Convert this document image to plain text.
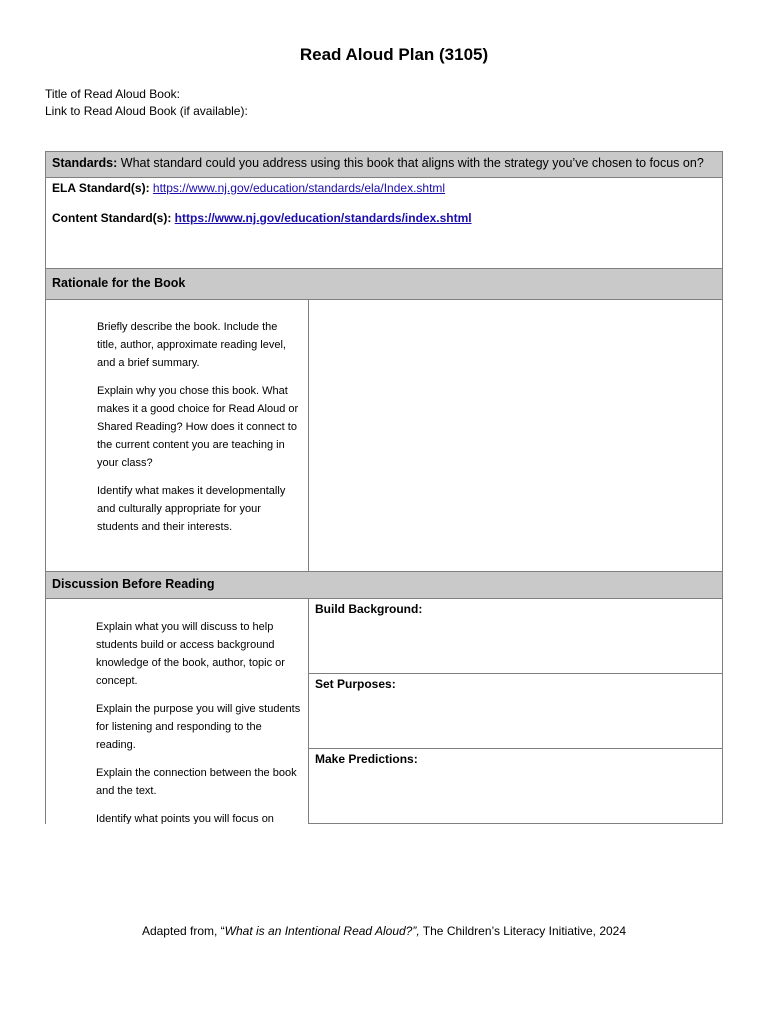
Read Aloud Plan (3105)
Title of Read Aloud Book:
Link to Read Aloud Book (if available):
Standards: What standard could you address using this book that aligns with the strategy you’ve chosen to focus on?
ELA Standard(s): https://www.nj.gov/education/standards/ela/Index.shtml
Content Standard(s): https://www.nj.gov/education/standards/index.shtml
Rationale for the Book

Briefly describe the book. Include the title, author, approximate reading level, and a brief summary.

Explain why you chose this book. What makes it a good choice for Read Aloud or Shared Reading? How does it connect to the current content you are teaching in your class?

Identify what makes it developmentally and culturally appropriate for your students and their interests.

Discussion Before Reading

Explain what you will discuss to help students build or access background knowledge of the book, author, topic or concept.

Explain the purpose you will give students for listening and responding to the reading.

Explain the connection between the book and the text.

Identify what points you will focus on

Build Background:
Set Purposes:
Make Predictions:
Adapted from, “What is an Intentional Read Aloud?”, The Children’s Literacy Initiative, 2024
